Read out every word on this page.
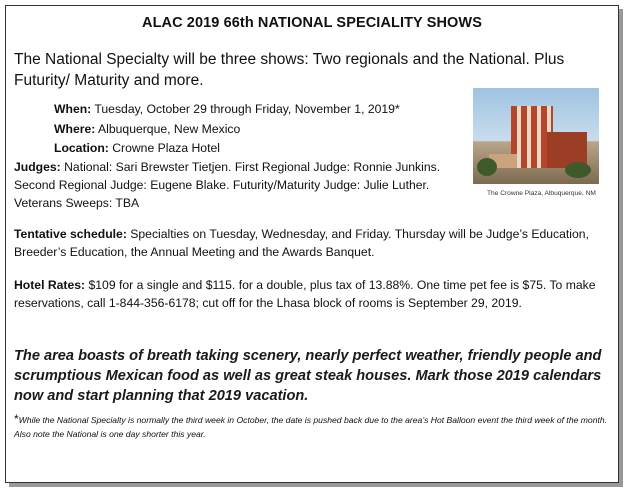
ALAC 2019 66th NATIONAL SPECIALITY SHOWS
The National Specialty will be three shows: Two regionals and the National. Plus Futurity/ Maturity and more.
When: Tuesday, October 29 through Friday, November 1, 2019*
Where: Albuquerque, New Mexico
Location: Crowne Plaza Hotel
Judges: National: Sari Brewster Tietjen. First Regional Judge: Ronnie Junkins.
Second Regional Judge: Eugene Blake. Futurity/Maturity Judge: Julie Luther.
Veterans Sweeps: TBA
The Crowne Plaza, Albuquerque, NM
Tentative schedule: Specialties on Tuesday, Wednesday, and Friday. Thursday will be Judge’s Education, Breeder’s Education, the Annual Meeting and the Awards Banquet.
Hotel Rates: $109 for a single and $115. for a double, plus tax of 13.88%. One time pet fee is $75. To make reservations, call 1-844-356-6178; cut off for the Lhasa block of rooms is September 29, 2019.
The area boasts of breath taking scenery, nearly perfect weather, friendly people and scrumptious Mexican food as well as great steak houses. Mark those 2019 calendars now and start planning that 2019 vacation.
*While the National Specialty is normally the third week in October, the date is pushed back due to the area’s Hot Balloon event the third week of the month. Also note the National is one day shorter this year.
